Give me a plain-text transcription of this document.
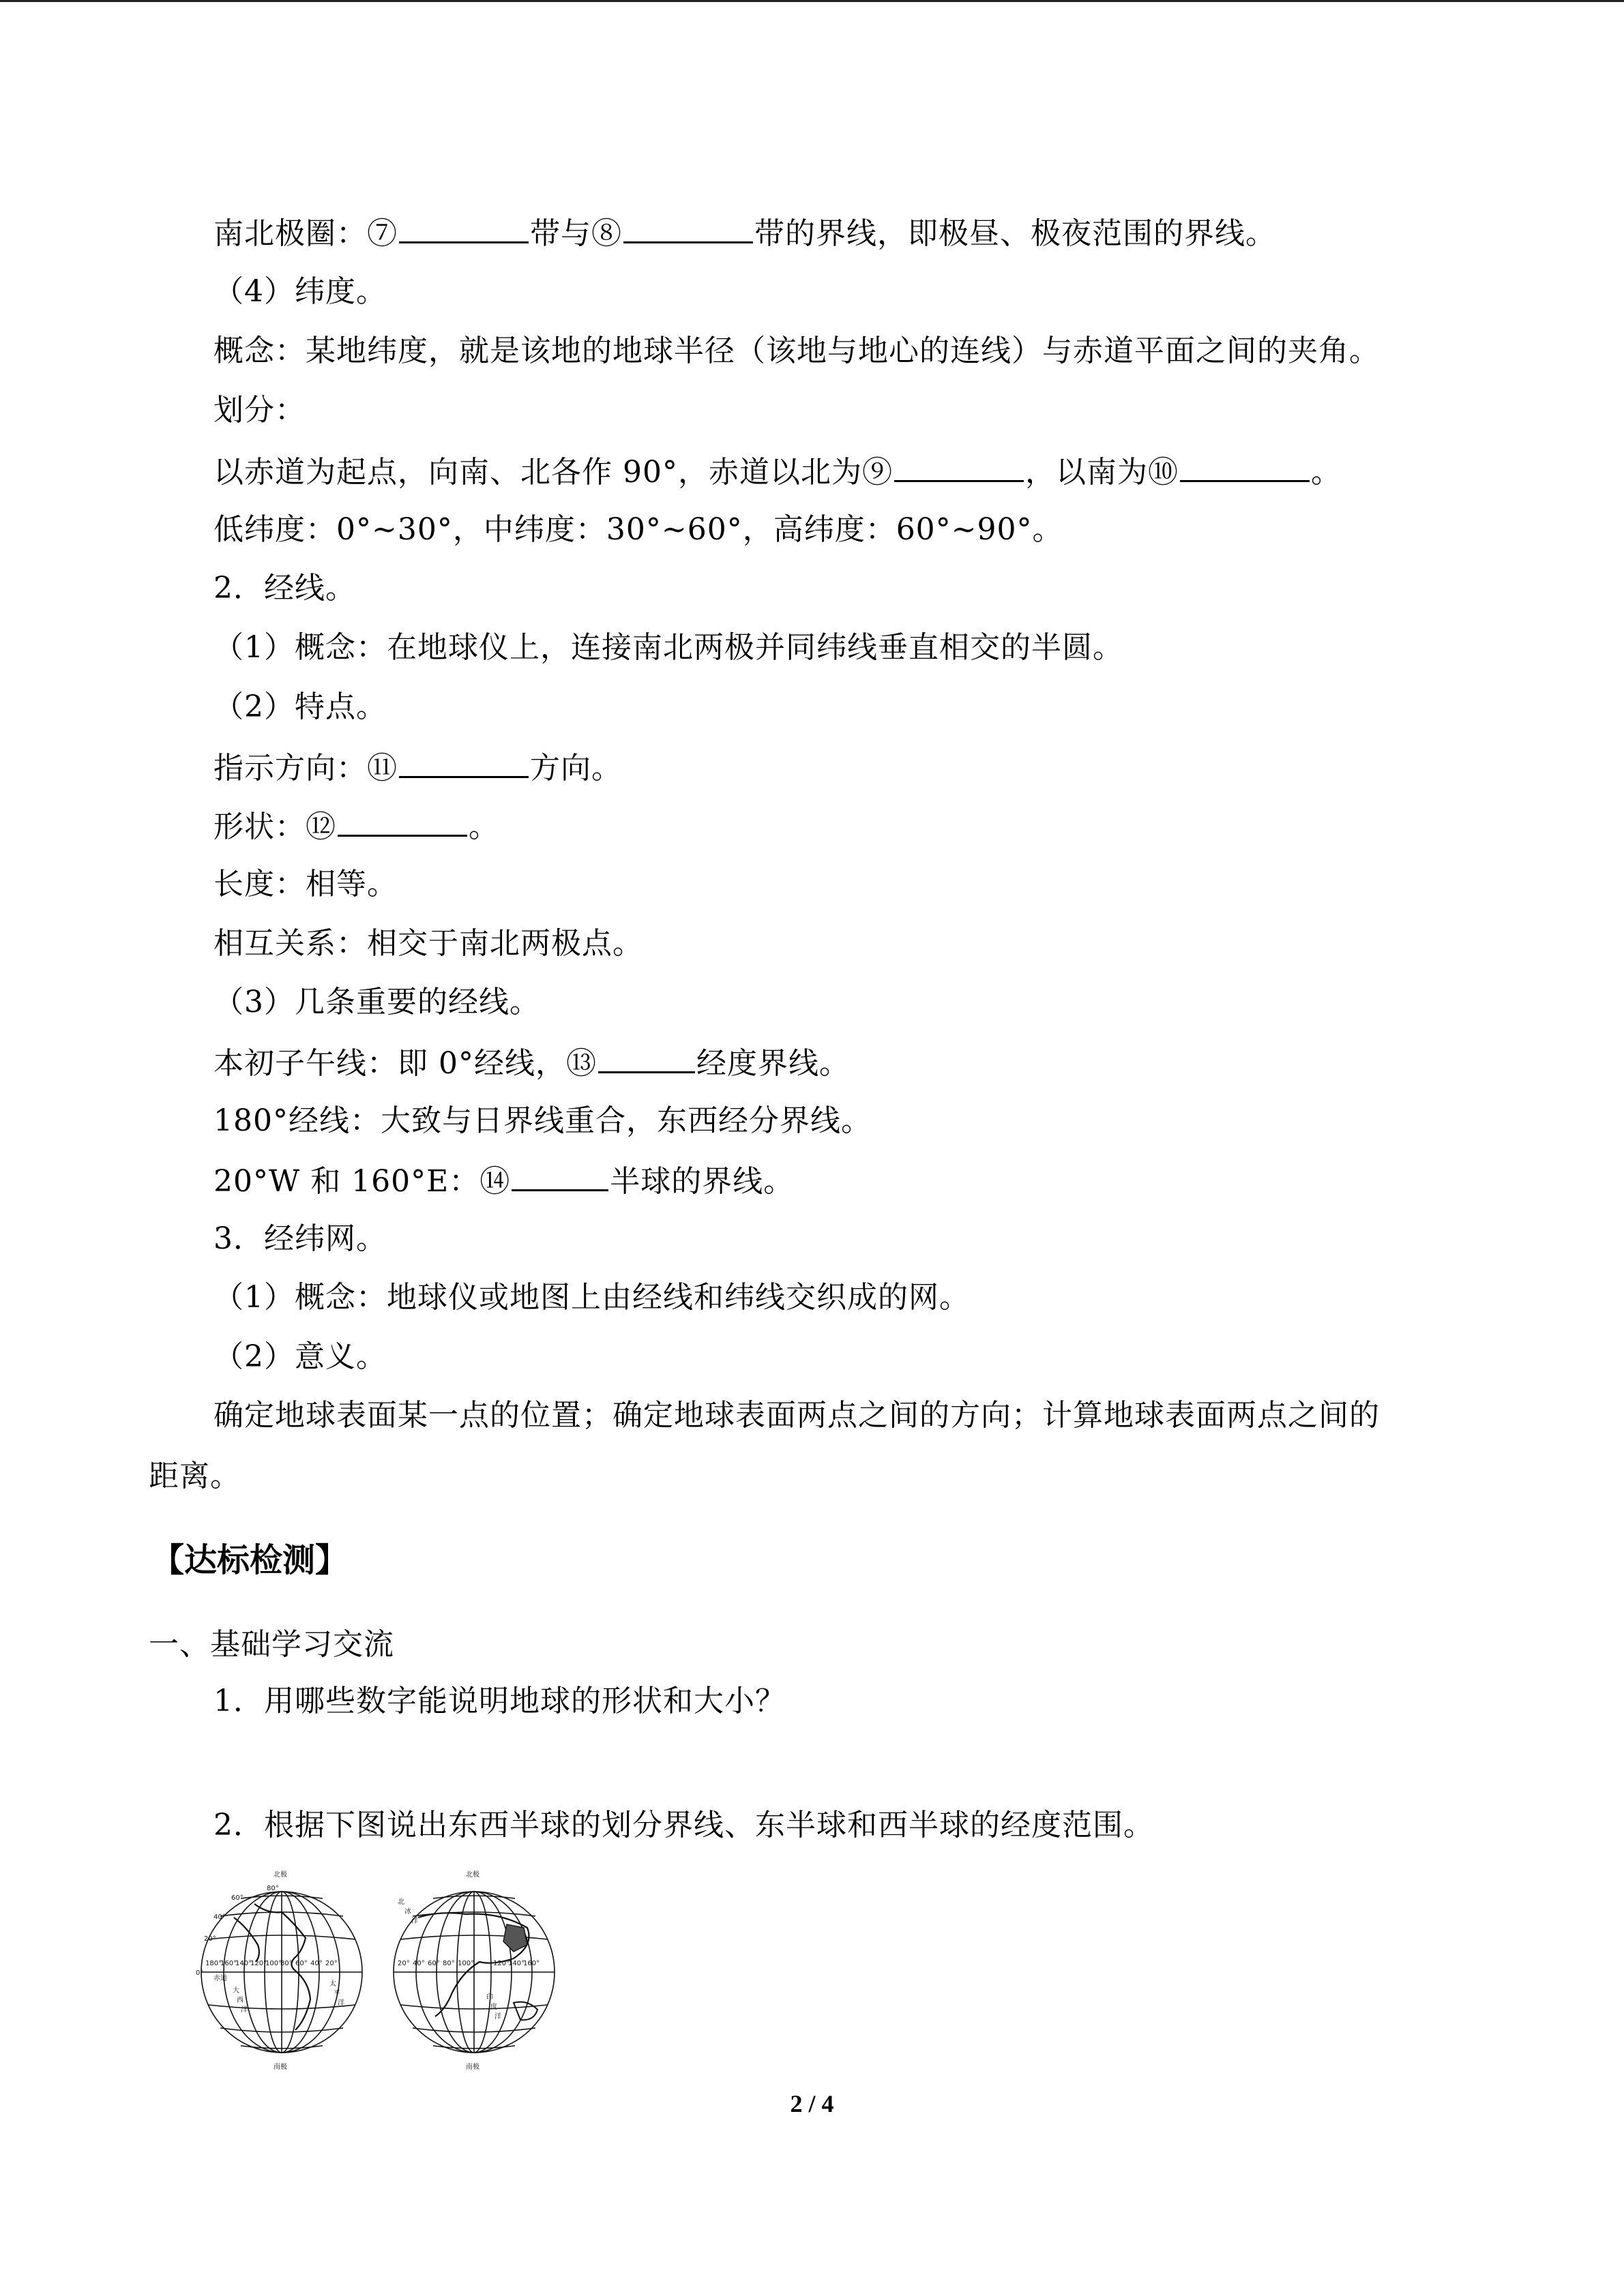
南北极圈：⑦	带与⑧	带的界线，即极昼、极夜范围的界线。
（4）纬度。
概念：某地纬度，就是该地的地球半径（该地与地心的连线）与赤道平面之间的夹角。
划分：
以赤道为起点，向南、北各作 90°，赤道以北为⑨	，以南为⑩	。
低纬度：0°~30°，中纬度：30°~60°，高纬度：60°~90°。
2．经线。
（1）概念：在地球仪上，连接南北两极并同纬线垂直相交的半圆。
（2）特点。
指示方向：⑪	方向。
形状：⑫	。
长度：相等。
相互关系：相交于南北两极点。
（3）几条重要的经线。
本初子午线：即 0°经线，⑬	经度界线。
180°经线：大致与日界线重合，东西经分界线。
20°W 和 160°E：⑭	半球的界线。
3．经纬网。
（1）概念：地球仪或地图上由经线和纬线交织成的网。
（2）意义。
确定地球表面某一点的位置；确定地球表面两点之间的方向；计算地球表面两点之间的
距离。
【达标检测】
一、基础学习交流
1．用哪些数字能说明地球的形状和大小？
2．根据下图说出东西半球的划分界线、东半球和西半球的经度范围。
北极	北极
南极	南极
0°
20°
40°
60°
80°
180°
160°
140°
120°
100°
80° 60° 40° 20°	20° 40° 60° 80° 100°	120°
140°
160°
赤道
大
西
洋
太
平
洋
印
度
洋
北
冰
洋
2 / 4
